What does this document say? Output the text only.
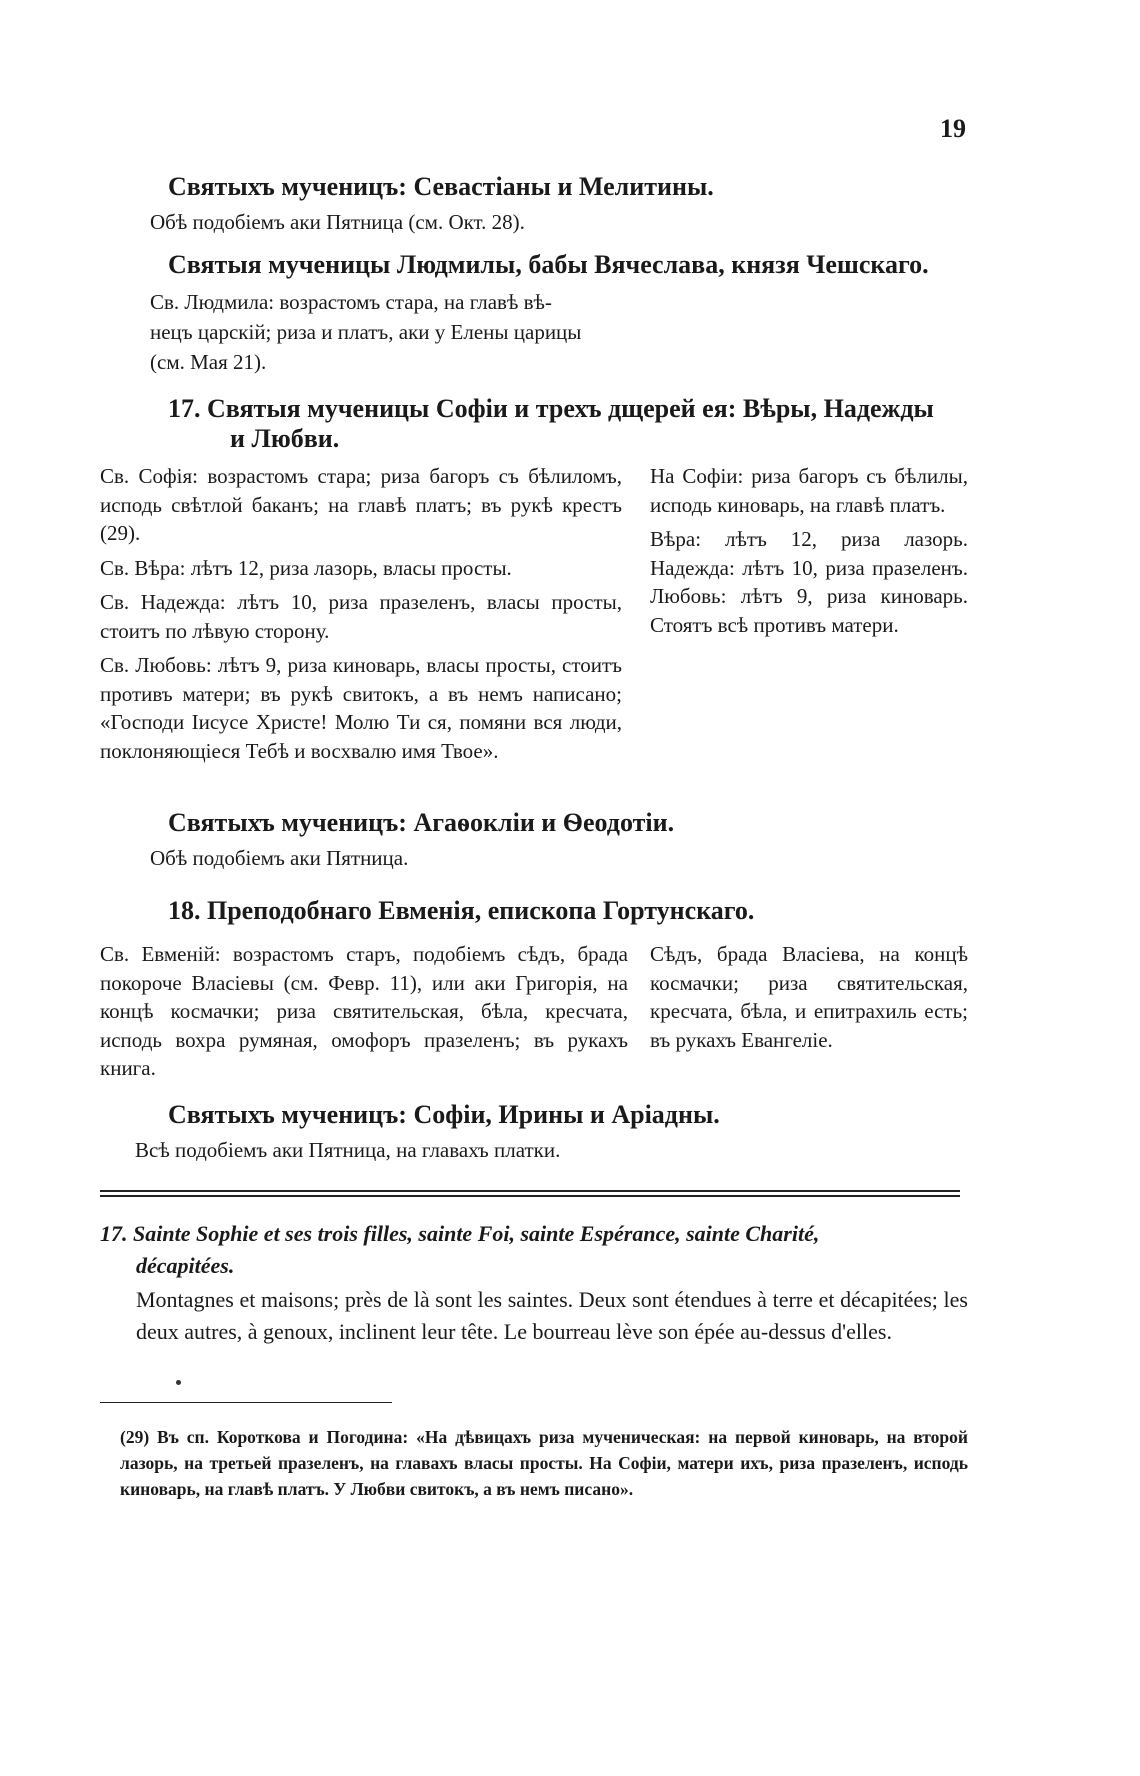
19
Святыхъ мученицъ: Севастіаны и Мелитины.
Обѣ подобіемъ аки Пятница (см. Окт. 28).
Святыя мученицы Людмилы, бабы Вячеслава, князя Чешскаго.
Св. Людмила: возрастомъ стара, на главѣ вѣ-
нецъ царскій; риза и платъ, аки у Елены царицы
(см. Мая 21).
17. Святыя мученицы Софіи и трехъ дщерей ея: Вѣры, Надежды
и Любви.

Св. Софія: возрастомъ стара; риза багоръ съ бѣлиломъ, исподь свѣтлой баканъ; на главѣ платъ; въ рукѣ крестъ (29).

Св. Вѣра: лѣтъ 12, риза лазорь, власы просты.

Св. Надежда: лѣтъ 10, риза празеленъ, власы просты, стоитъ по лѣвую сторону.

Св. Любовь: лѣтъ 9, риза киноварь, власы просты, стоитъ противъ матери; въ рукѣ свитокъ, а въ немъ написано; «Господи Іисусе Христе! Молю Ти ся, помяни вся люди, поклоняющіеся Тебѣ и восхвалю имя Твое».

На Софіи: риза багоръ съ бѣлилы, исподь киноварь, на главѣ платъ.

Вѣра: лѣтъ 12, риза лазорь. Надежда: лѣтъ 10, риза празеленъ. Любовь: лѣтъ 9, риза киноварь. Стоятъ всѣ противъ матери.

Святыхъ мученицъ: Агаѳокліи и Ѳеодотіи.
Обѣ подобіемъ аки Пятница.
18. Преподобнаго Евменія, епископа Гортунскаго.

Св. Евменій: возрастомъ старъ, подобіемъ сѣдъ, брада покороче Власіевы (см. Февр. 11), или аки Григорія, на концѣ космачки; риза святительская, бѣла, кресчата, исподь вохра румяная, омофоръ празеленъ; въ рукахъ книга.

Сѣдъ, брада Власіева, на концѣ космачки; риза святительская, кресчата, бѣла, и епитрахиль есть; въ рукахъ Евангеліе.

Святыхъ мученицъ: Софіи, Ирины и Аріадны.
Всѣ подобіемъ аки Пятница, на главахъ платки.
17. Sainte Sophie et ses trois filles, sainte Foi, sainte Espérance, sainte Charité,
décapitées.
Montagnes et maisons; près de là sont les saintes. Deux sont étendues à terre et décapitées; les deux autres, à genoux, inclinent leur tête. Le bourreau lève son épée au-dessus d'elles.
(29) Въ сп. Короткова и Погодина: «На дѣвицахъ риза мученическая: на первой киноварь, на второй лазорь, на третьей празеленъ, на главахъ власы просты. На Софіи, матери ихъ, риза празеленъ, исподь киноварь, на главѣ платъ. У Любви свитокъ, а въ немъ писано».
